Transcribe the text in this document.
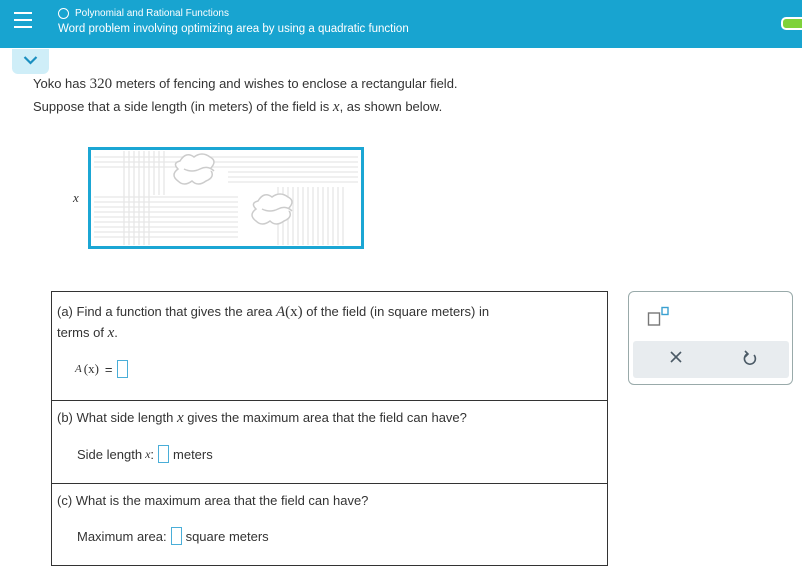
Polynomial and Rational Functions
Word problem involving optimizing area by using a quadratic function
Yoko has 320 meters of fencing and wishes to enclose a rectangular field.
Suppose that a side length (in meters) of the field is x, as shown below.
x
(a) Find a function that gives the area A(x) of the field (in square meters) in
terms of x.
A (x) =
(b) What side length x gives the maximum area that the field can have?
Side length x : meters
(c) What is the maximum area that the field can have?
Maximum area: square meters
